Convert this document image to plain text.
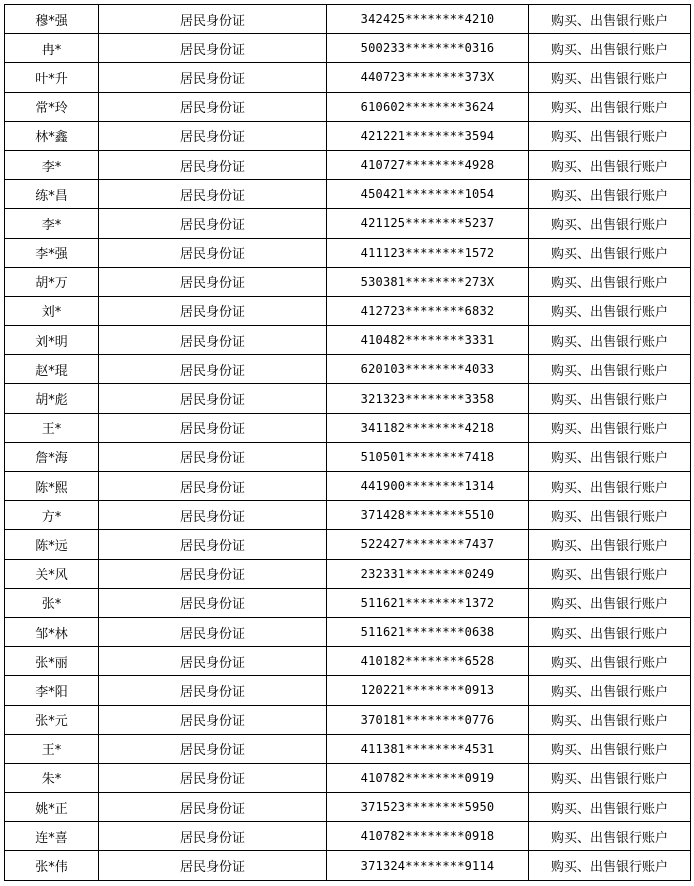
穆*强	居民身份证	342425********4210	购买、出售银行账户
冉*	居民身份证	500233********0316	购买、出售银行账户
叶*升	居民身份证	440723********373X	购买、出售银行账户
常*玲	居民身份证	610602********3624	购买、出售银行账户
林*鑫	居民身份证	421221********3594	购买、出售银行账户
李*	居民身份证	410727********4928	购买、出售银行账户
练*昌	居民身份证	450421********1054	购买、出售银行账户
李*	居民身份证	421125********5237	购买、出售银行账户
李*强	居民身份证	411123********1572	购买、出售银行账户
胡*万	居民身份证	530381********273X	购买、出售银行账户
刘*	居民身份证	412723********6832	购买、出售银行账户
刘*明	居民身份证	410482********3331	购买、出售银行账户
赵*琨	居民身份证	620103********4033	购买、出售银行账户
胡*彪	居民身份证	321323********3358	购买、出售银行账户
王*	居民身份证	341182********4218	购买、出售银行账户
詹*海	居民身份证	510501********7418	购买、出售银行账户
陈*熙	居民身份证	441900********1314	购买、出售银行账户
方*	居民身份证	371428********5510	购买、出售银行账户
陈*远	居民身份证	522427********7437	购买、出售银行账户
关*风	居民身份证	232331********0249	购买、出售银行账户
张*	居民身份证	511621********1372	购买、出售银行账户
邹*林	居民身份证	511621********0638	购买、出售银行账户
张*丽	居民身份证	410182********6528	购买、出售银行账户
李*阳	居民身份证	120221********0913	购买、出售银行账户
张*元	居民身份证	370181********0776	购买、出售银行账户
王*	居民身份证	411381********4531	购买、出售银行账户
朱*	居民身份证	410782********0919	购买、出售银行账户
姚*正	居民身份证	371523********5950	购买、出售银行账户
连*喜	居民身份证	410782********0918	购买、出售银行账户
张*伟	居民身份证	371324********9114	购买、出售银行账户
